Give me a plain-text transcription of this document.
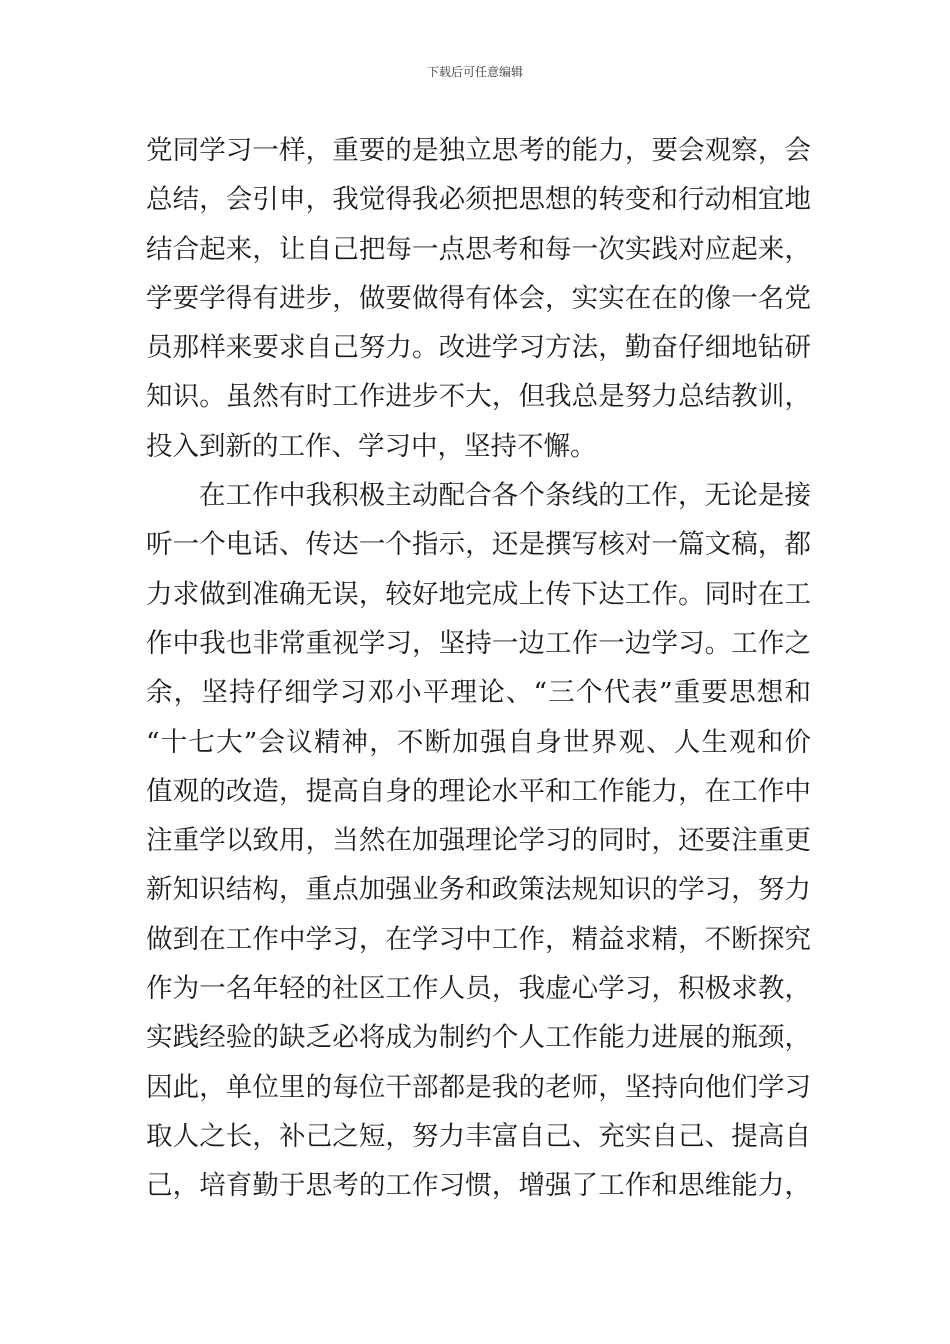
下载后可任意编辑
党同学习一样，重要的是独立思考的能力，要会观察，会
总结，会引申，我觉得我必须把思想的转变和行动相宜地
结合起来，让自己把每一点思考和每一次实践对应起来，
学要学得有进步，做要做得有体会，实实在在的像一名党
员那样来要求自己努力。改进学习方法，勤奋仔细地钻研
知识。虽然有时工作进步不大，但我总是努力总结教训，
投入到新的工作、学习中，坚持不懈。
在工作中我积极主动配合各个条线的工作，无论是接
听一个电话、传达一个指示，还是撰写核对一篇文稿，都
力求做到准确无误，较好地完成上传下达工作。同时在工
作中我也非常重视学习，坚持一边工作一边学习。工作之
余，坚持仔细学习邓小平理论、“三个代表”重要思想和
“十七大”会议精神，不断加强自身世界观、人生观和价
值观的改造，提高自身的理论水平和工作能力，在工作中
注重学以致用，当然在加强理论学习的同时，还要注重更
新知识结构，重点加强业务和政策法规知识的学习，努力
做到在工作中学习，在学习中工作，精益求精，不断探究
作为一名年轻的社区工作人员，我虚心学习，积极求教，
实践经验的缺乏必将成为制约个人工作能力进展的瓶颈，
因此，单位里的每位干部都是我的老师，坚持向他们学习
取人之长，补己之短，努力丰富自己、充实自己、提高自
己，培育勤于思考的工作习惯，增强了工作和思维能力，
